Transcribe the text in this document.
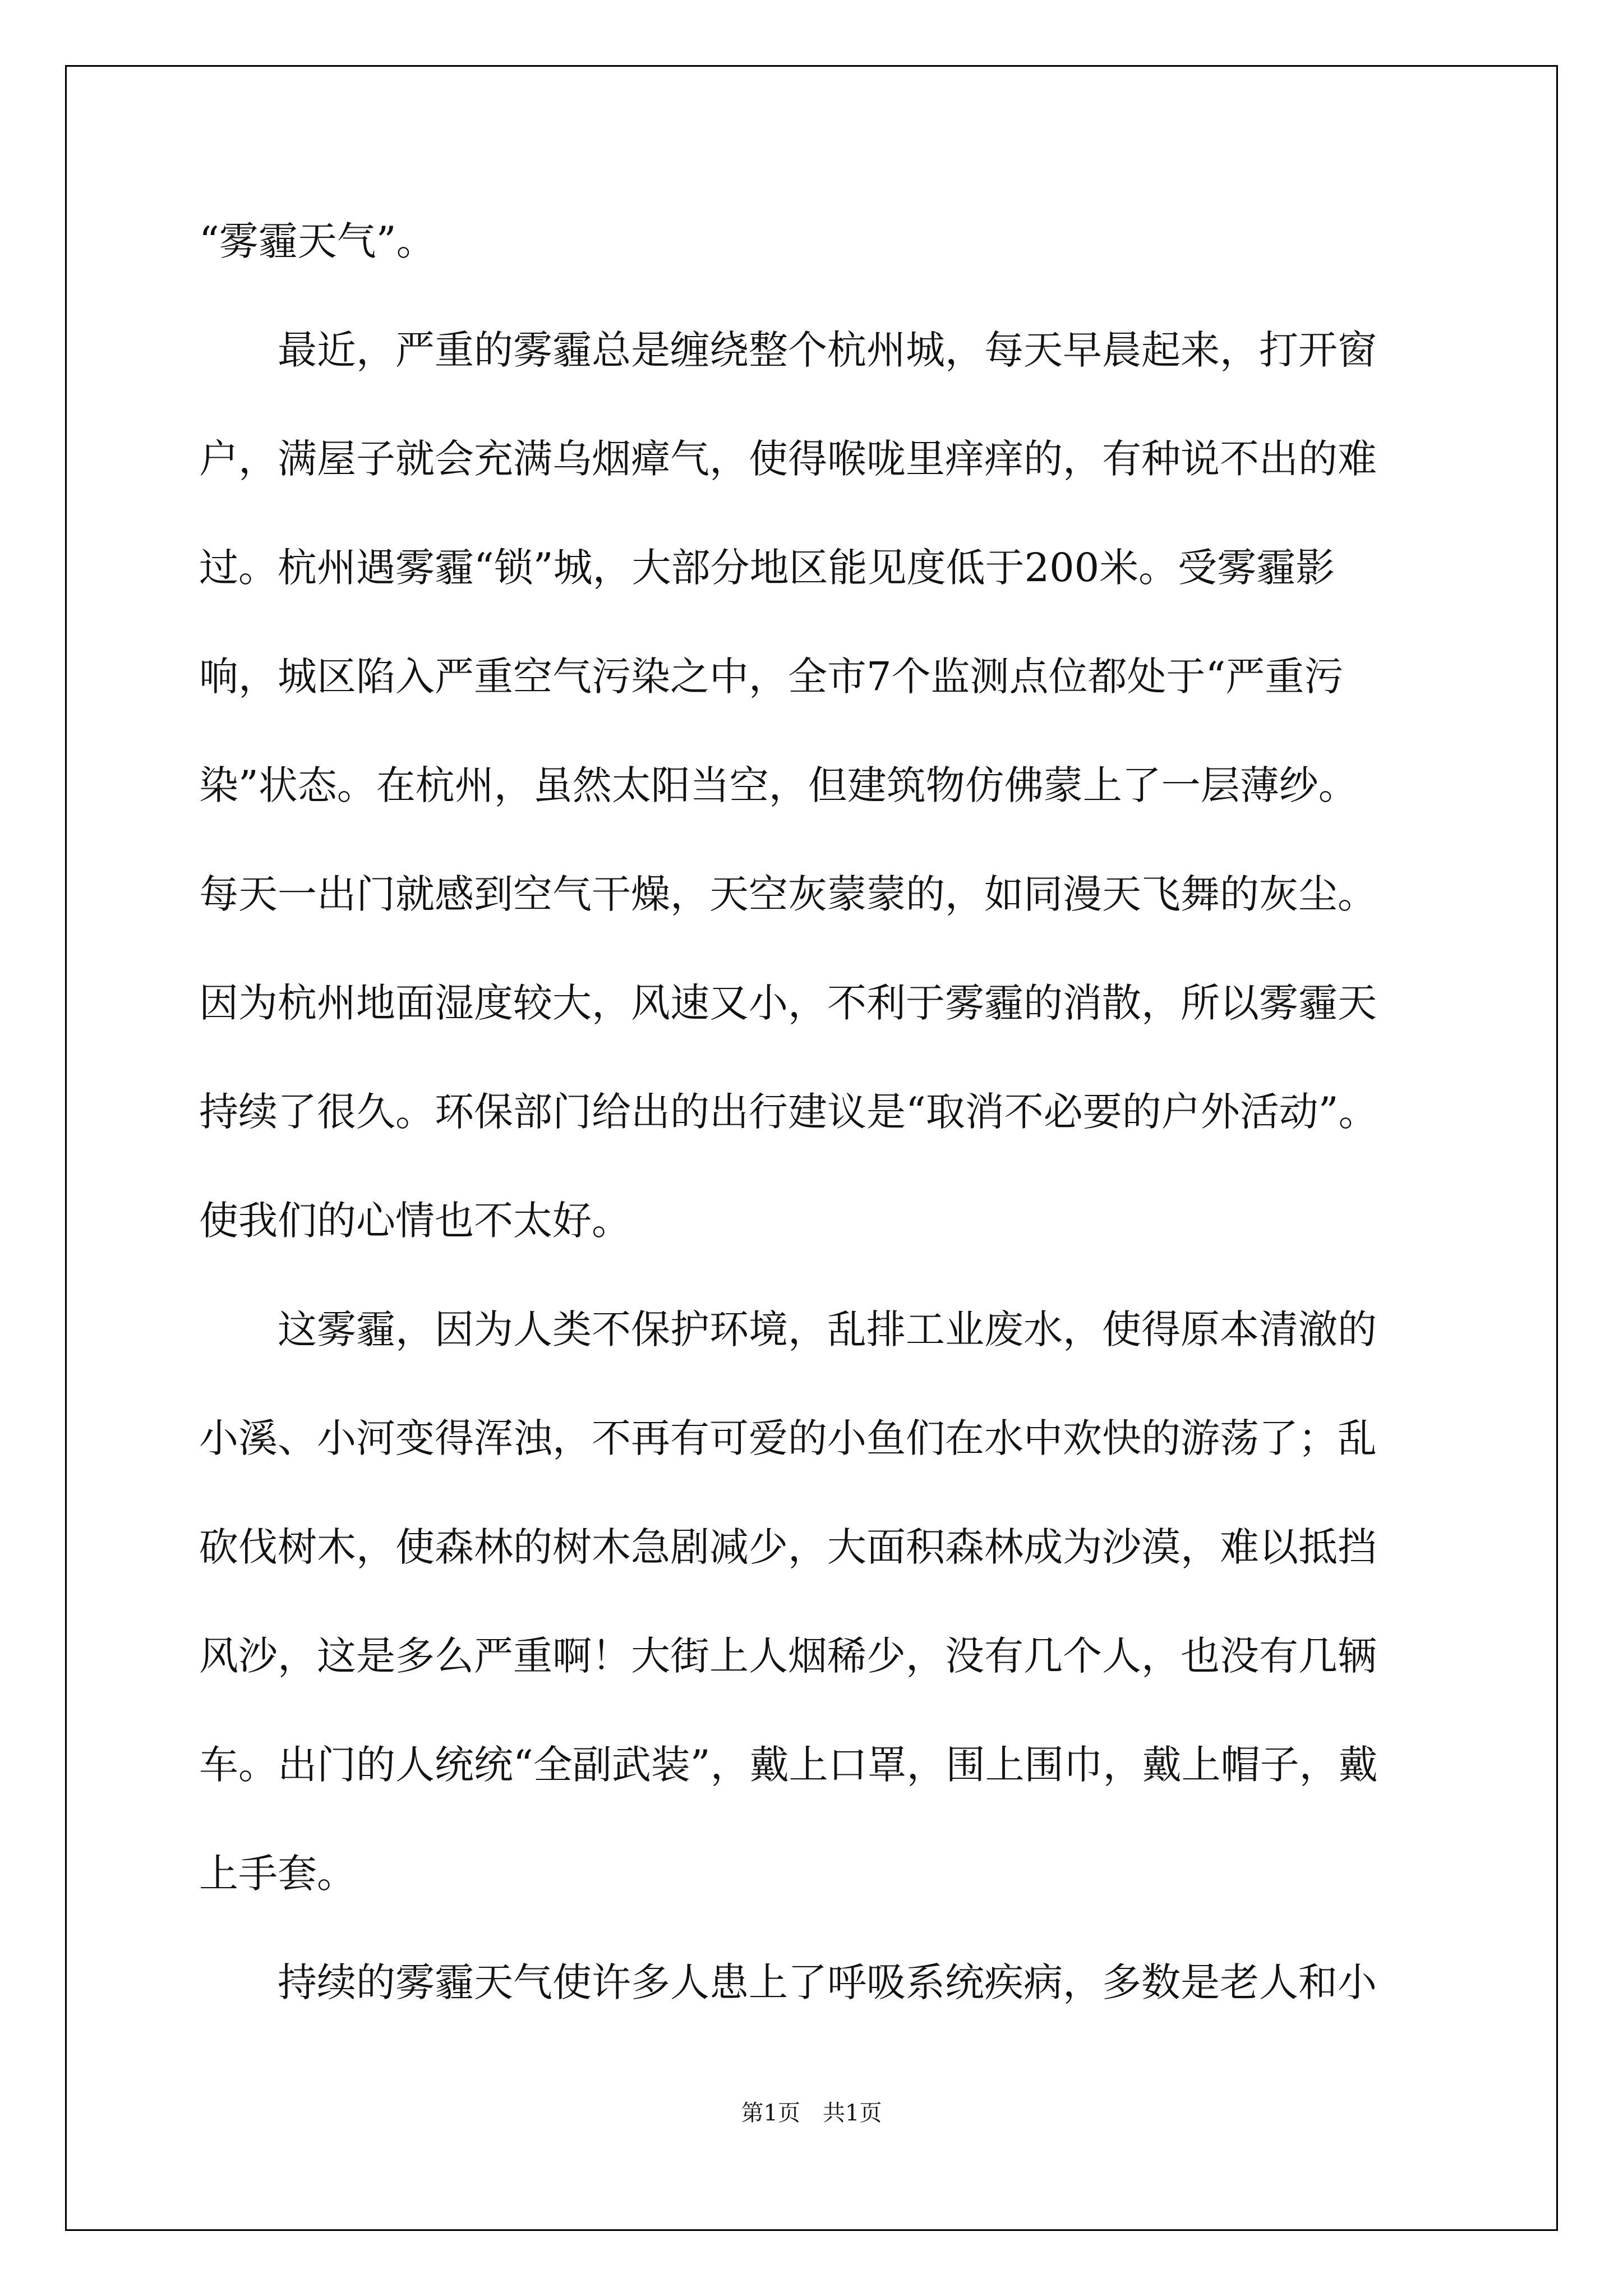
“雾霾天气”。

　　最近，严重的雾霾总是缠绕整个杭州城，每天早晨起来，打开窗

户，满屋子就会充满乌烟瘴气，使得喉咙里痒痒的，有种说不出的难

过。杭州遇雾霾“锁”城，大部分地区能见度低于200米。受雾霾影

响，城区陷入严重空气污染之中，全市7个监测点位都处于“严重污

染”状态。在杭州，虽然太阳当空，但建筑物仿佛蒙上了一层薄纱。

每天一出门就感到空气干燥，天空灰蒙蒙的，如同漫天飞舞的灰尘。

因为杭州地面湿度较大，风速又小，不利于雾霾的消散，所以雾霾天

持续了很久。环保部门给出的出行建议是“取消不必要的户外活动”。

使我们的心情也不太好。

　　这雾霾，因为人类不保护环境，乱排工业废水，使得原本清澈的

小溪、小河变得浑浊，不再有可爱的小鱼们在水中欢快的游荡了；乱

砍伐树木，使森林的树木急剧减少，大面积森林成为沙漠，难以抵挡

风沙，这是多么严重啊！大街上人烟稀少，没有几个人，也没有几辆

车。出门的人统统“全副武装”，戴上口罩，围上围巾，戴上帽子，戴

上手套。

　　持续的雾霾天气使许多人患上了呼吸系统疾病，多数是老人和小

第1页　共1页
